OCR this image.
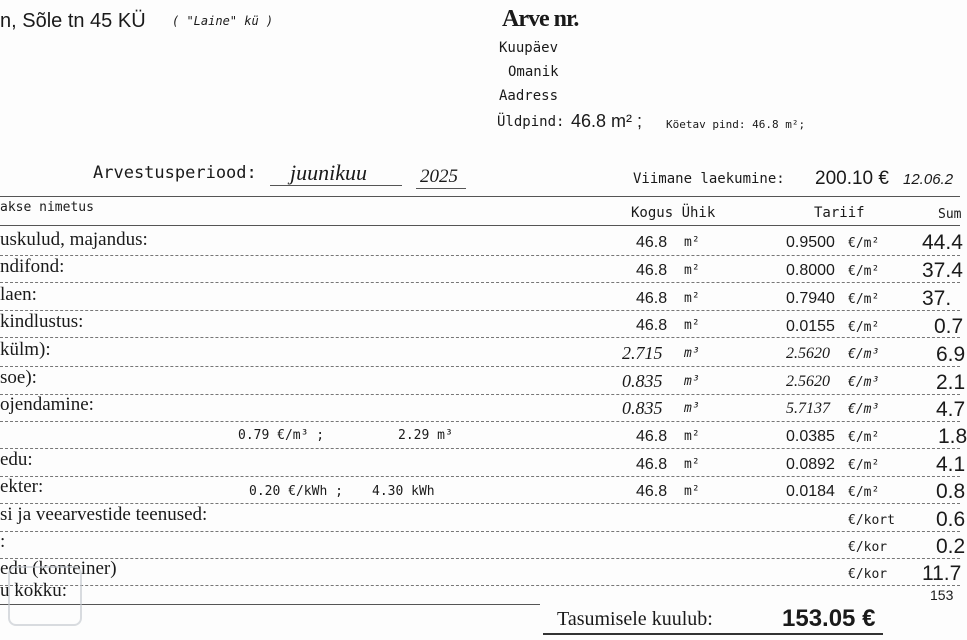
n, Sõle tn 45 KÜ ( "Laine" kü )	Arve nr.
Kuupäev
Omanik
Aadress
Üldpind: 46.8 m² ; Köetav pind: 46.8 m²;
Arvestusperiood: juunikuu	2025	Viimane laekumine: 200.10 € 12.06.2
akse nimetus	Kogus Ühik	Tariif	Sum
uskulud, majandus:	46.8 m²	0.9500 €/m² 44.4
ndifond:	46.8 m²	0.8000 €/m² 37.4
laen:	46.8 m²	0.7940 €/m² 37.
kindlustus:	46.8 m²	0.0155 €/m²	0.7
külm):	2.715 m³	2.5620 €/m³	6.9
soe):	0.835 m³	2.5620 €/m³	2.1
ojendamine:	0.835 m³	5.7137 €/m³	4.7
0.79 €/m³ ;	2.29 m³	46.8 m²	0.0385 €/m²	1.8
edu:	46.8 m²	0.0892 €/m²	4.1
ekter:	0.20 €/kWh ; 4.30 kWh	46.8 m²	0.0184 €/m²	0.8
si ja veearvestide teenused:	€/kort 0.6
:	€/kor 0.2
edu (konteiner)	€/kor 11.7
u kokku:	153
Tasumisele kuulub:	153.05 €
